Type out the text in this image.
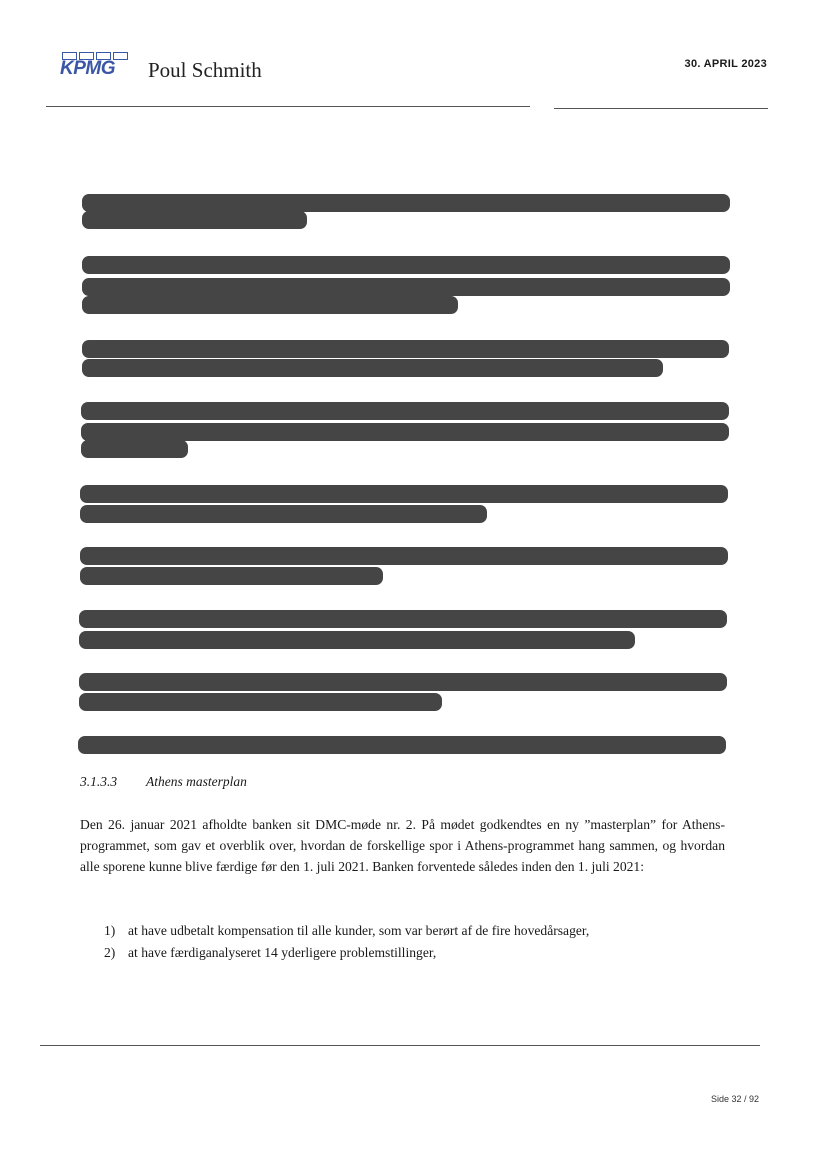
KPMG	Poul Schmith	30. APRIL 2023
3.1.3.3 Athens masterplan
Den 26. januar 2021 afholdte banken sit DMC-møde nr. 2. På mødet godkendtes en ny ”masterplan” for Athens-programmet, som gav et overblik over, hvordan de forskellige spor i Athens-programmet hang sammen, og hvordan alle sporene kunne blive færdige før den 1. juli 2021. Banken forventede således inden den 1. juli 2021:
1) at have udbetalt kompensation til alle kunder, som var berørt af de fire hovedårsager,
2) at have færdiganalyseret 14 yderligere problemstillinger,
Side 32 / 92
